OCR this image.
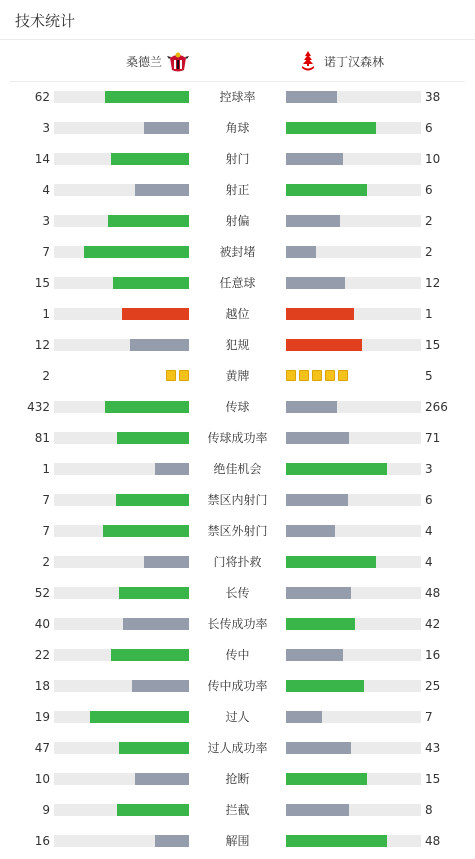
技术统计
桑德兰	诺丁汉森林
62	控球率	38
3	角球	6
14	射门	10
4	射正	6
3	射偏	2
7	被封堵	2
15	任意球	12
1	越位	1
12	犯规	15
2	黄牌	5
432	传球	266
81	传球成功率	71
1	绝佳机会	3
7	禁区内射门	6
7	禁区外射门	4
2	门将扑救	4
52	长传	48
40	长传成功率	42
22	传中	16
18	传中成功率	25
19	过人	7
47	过人成功率	43
10	抢断	15
9	拦截	8
16	解围	48
